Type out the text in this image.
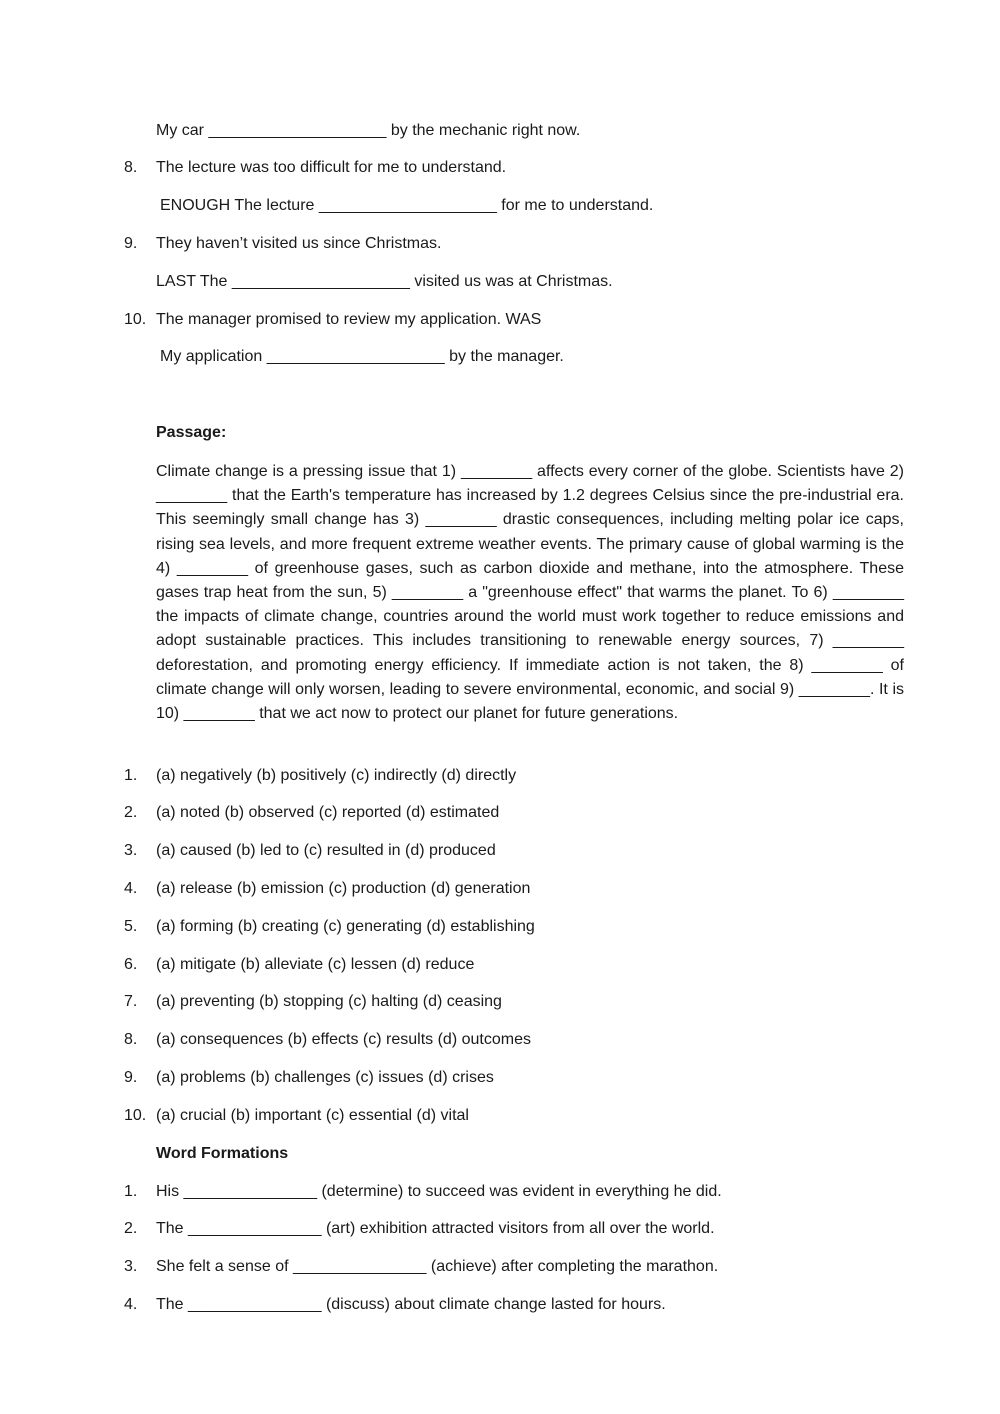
My car ____________________ by the mechanic right now.
8. The lecture was too difficult for me to understand.
ENOUGH The lecture ____________________ for me to understand.
9. They haven’t visited us since Christmas.
LAST The ____________________ visited us was at Christmas.
10. The manager promised to review my application. WAS
My application ____________________ by the manager.
Passage:
Climate change is a pressing issue that 1) ________ affects every corner of the globe. Scientists have 2) ________ that the Earth's temperature has increased by 1.2 degrees Celsius since the pre-industrial era. This seemingly small change has 3) ________ drastic consequences, including melting polar ice caps, rising sea levels, and more frequent extreme weather events. The primary cause of global warming is the 4) ________ of greenhouse gases, such as carbon dioxide and methane, into the atmosphere. These gases trap heat from the sun, 5) ________ a "greenhouse effect" that warms the planet. To 6) ________ the impacts of climate change, countries around the world must work together to reduce emissions and adopt sustainable practices. This includes transitioning to renewable energy sources, 7) ________ deforestation, and promoting energy efficiency. If immediate action is not taken, the 8) ________ of climate change will only worsen, leading to severe environmental, economic, and social 9) ________. It is 10) ________ that we act now to protect our planet for future generations.
1. (a) negatively (b) positively (c) indirectly (d) directly
2. (a) noted (b) observed (c) reported (d) estimated
3. (a) caused (b) led to (c) resulted in (d) produced
4. (a) release (b) emission (c) production (d) generation
5. (a) forming (b) creating (c) generating (d) establishing
6. (a) mitigate (b) alleviate (c) lessen (d) reduce
7. (a) preventing (b) stopping (c) halting (d) ceasing
8. (a) consequences (b) effects (c) results (d) outcomes
9. (a) problems (b) challenges (c) issues (d) crises
10. (a) crucial (b) important (c) essential (d) vital
Word Formations
1. His _______________ (determine) to succeed was evident in everything he did.
2. The _______________ (art) exhibition attracted visitors from all over the world.
3. She felt a sense of _______________ (achieve) after completing the marathon.
4. The _______________ (discuss) about climate change lasted for hours.
